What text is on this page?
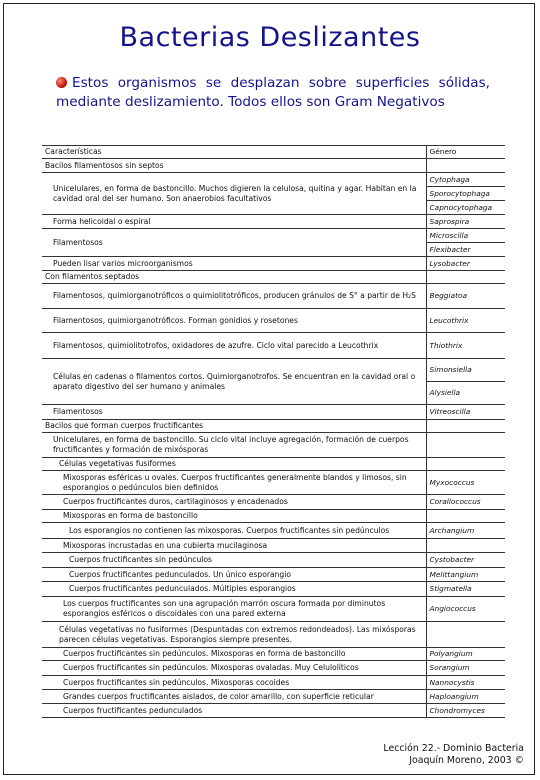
Bacterias Deslizantes
Estos organismos se desplazan sobre superficies sólidas, mediante deslizamiento. Todos ellos son Gram Negativos
Características	Género
Bacilos filamentosos sin septos	
Unicelulares, en forma de bastoncillo. Muchos digieren la celulosa, quitina y agar. Habitan en la cavidad oral del ser humano. Son anaerobios facultativos	Cytophaga
	Sporocytophaga
	Capnocytophaga
Forma helicoidal o espiral	Saprospira
Filamentosos	Microscilla
	Flexibacter
Pueden lisar varios microorganismos	Lysobacter
Con filamentos septados	
Filamentosos, quimiorganotróficos o quimiolitotróficos, producen gránulos de S° a partir de H₂S	Beggiatoa
Filamentosos, quimiorganotróficos. Forman gonidios y rosetones	Leucothrix
Filamentosos, quimiolitotrofos, oxidadores de azufre. Ciclo vital parecido a Leucothrix	Thiothrix
Células en cadenas o filamentos cortos. Quimiorganotrofos. Se encuentran en la cavidad oral o aparato digestivo del ser humano y animales	Simonsiella
	Alysiella
Filamentosos	Vitreoscilla
Bacilos que forman cuerpos fructificantes	
Unicelulares, en forma de bastoncillo. Su ciclo vital incluye agregación, formación de cuerpos fructificantes y formación de mixósporas	
Células vegetativas fusiformes	
Mixosporas esféricas u ovales. Cuerpos fructificantes generalmente blandos y limosos, sin esporangios o pedúnculos bien definidos	Myxococcus
Cuerpos fructificantes duros, cartilaginosos y encadenados	Corallococcus
Mixosporas en forma de bastoncillo	
Los esporangios no contienen las mixosporas. Cuerpos fructificantes sin pedúnculos	Archangium
Mixosporas incrustadas en una cubierta mucilaginosa	
Cuerpos fructificantes sin pedúnculos	Cystobacter
Cuerpos fructificantes pedunculados. Un único esporangio	Melittangium
Cuerpos fructificantes pedunculados. Múltiples esporangios	Stigmatella
Los cuerpos fructificantes son una agrupación marrón oscura formada por diminutos esporangios esféricos o discoidales con una pared externa	Angiococcus
Células vegetativas no fusiformes (Despuntadas con extremos redondeados). Las mixósporas parecen células vegetativas. Esporangios siempre presentes.	
Cuerpos fructificantes sin pedúnculos. Mixosporas en forma de bastoncillo	Polyangium
Cuerpos fructificantes sin pedúnculos. Mixosporas ovaladas. Muy Celulolíticos	Sorangium
Cuerpos fructificantes sin pedúnculos. Mixosporas cocoides	Nannocystis
Grandes cuerpos fructificantes aislados, de color amarillo, con superficie reticular	Haploangium
Cuerpos fructificantes pedunculados	Chondromyces
Lección 22.- Dominio Bacteria
Joaquín Moreno, 2003 ©
